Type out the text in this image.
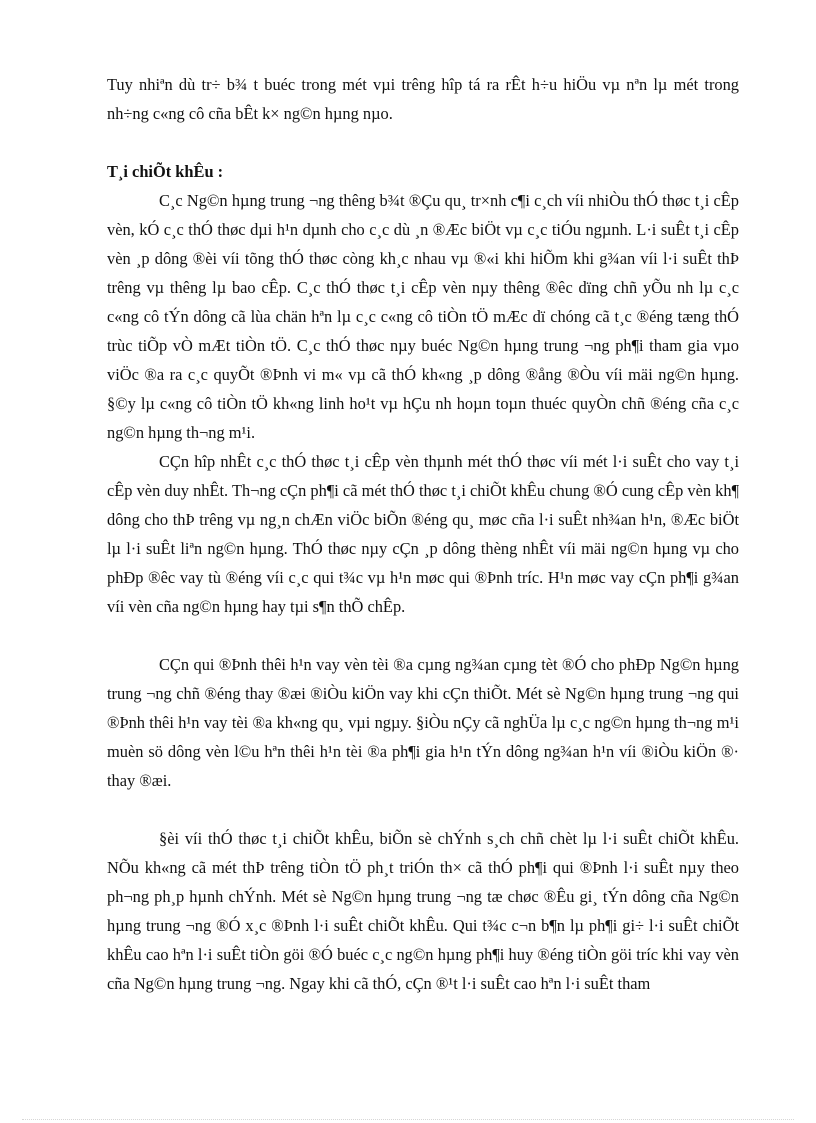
Tuy nhiªn dù tr÷ b¾ t buéc trong mét vµi trêng hîp tá ra rÊt h÷u hiÖu vµ nªn lµ mét trong nh÷ng c«ng cô cña bÊt k× ng©n hµng nµo.

T¸i chiÕt khÊu :

C¸c Ng©n hµng trung ¬ng thêng b¾t ®Çu qu¸ tr×nh c¶i c¸ch víi nhiÒu thÓ thøc t¸i cÊp vèn, kÓ c¸c thÓ thøc dµi h¹n dµnh cho c¸c dù ¸n ®Æc biÖt vµ c¸c tiÓu ngµnh. L·i suÊt t¸i cÊp vèn ¸p dông ®èi víi tõng thÓ thøc còng kh¸c nhau vµ ®«i khi hiÕm khi g¾an víi l·i suÊt thÞ trêng vµ thêng lµ bao cÊp. C¸c thÓ thøc t¸i cÊp vèn nµy thêng ®êc dïng chñ yÕu nh lµ c¸c c«ng cô tÝn dông cã lùa chän hªn lµ c¸c c«ng cô tiÒn tÖ mÆc dï chóng cã t¸c ®éng tæng thÓ trùc tiÕp vÒ mÆt tiÒn tÖ. C¸c thÓ thøc nµy buéc Ng©n hµng trung ¬ng ph¶i tham gia vµo viÖc ®a ra c¸c quyÕt ®Þnh vi m« vµ cã thÓ kh«ng ¸p dông ®ång ®Òu víi mäi ng©n hµng. §©y lµ c«ng cô tiÒn tÖ kh«ng linh ho¹t vµ hÇu nh hoµn toµn thuéc quyÒn chñ ®éng cña c¸c ng©n hµng th¬ng m¹i.

CÇn hîp nhÊt c¸c thÓ thøc t¸i cÊp vèn thµnh mét thÓ thøc víi mét l·i suÊt cho vay t¸i cÊp vèn duy nhÊt. Th¬ng cÇn ph¶i cã mét thÓ thøc t¸i chiÕt khÊu chung ®Ó cung cÊp vèn kh¶ dông cho thÞ trêng vµ ng¸n chÆn viÖc biÕn ®éng qu¸ møc cña l·i suÊt nh¾an h¹n, ®Æc biÖt lµ l·i suÊt liªn ng©n hµng. ThÓ thøc nµy cÇn ¸p dông thèng nhÊt víi mäi ng©n hµng vµ cho phÐp ®êc vay tù ®éng víi c¸c qui t¾c vµ h¹n møc qui ®Þnh tríc. H¹n møc vay cÇn ph¶i g¾an víi vèn cña ng©n hµng hay tµi s¶n thÕ chÊp.

CÇn qui ®Þnh thêi h¹n vay vèn tèi ®a cµng ng¾an cµng tèt ®Ó cho phÐp Ng©n hµng trung ¬ng chñ ®éng thay ®æi ®iÒu kiÖn vay khi cÇn thiÕt. Mét sè Ng©n hµng trung ¬ng qui ®Þnh thêi h¹n vay tèi ®a kh«ng qu¸ vµi ngµy. §iÒu nÇy cã nghÜa lµ c¸c ng©n hµng th¬ng m¹i muèn sö dông vèn l©u hªn thêi h¹n tèi ®a ph¶i gia h¹n tÝn dông ng¾an h¹n víi ®iÒu kiÖn ®· thay ®æi.

§èi víi thÓ thøc t¸i chiÕt khÊu, biÕn sè chÝnh s¸ch chñ chèt lµ l·i suÊt chiÕt khÊu. NÕu kh«ng cã mét thÞ trêng tiÒn tÖ ph¸t triÓn th× cã thÓ ph¶i qui ®Þnh l·i suÊt nµy theo ph¬ng ph¸p hµnh chÝnh. Mét sè Ng©n hµng trung ¬ng tæ chøc ®Êu gi¸ tÝn dông cña Ng©n hµng trung ¬ng ®Ó x¸c ®Þnh l·i suÊt chiÕt khÊu. Qui t¾c c¬n b¶n lµ ph¶i gi÷ l·i suÊt chiÕt khÊu cao hªn l·i suÊt tiÒn göi ®Ó buéc c¸c ng©n hµng ph¶i huy ®éng tiÒn göi tríc khi vay vèn cña Ng©n hµng trung ¬ng. Ngay khi cã thÓ, cÇn ®¹t l·i suÊt cao hªn l·i suÊt tham
